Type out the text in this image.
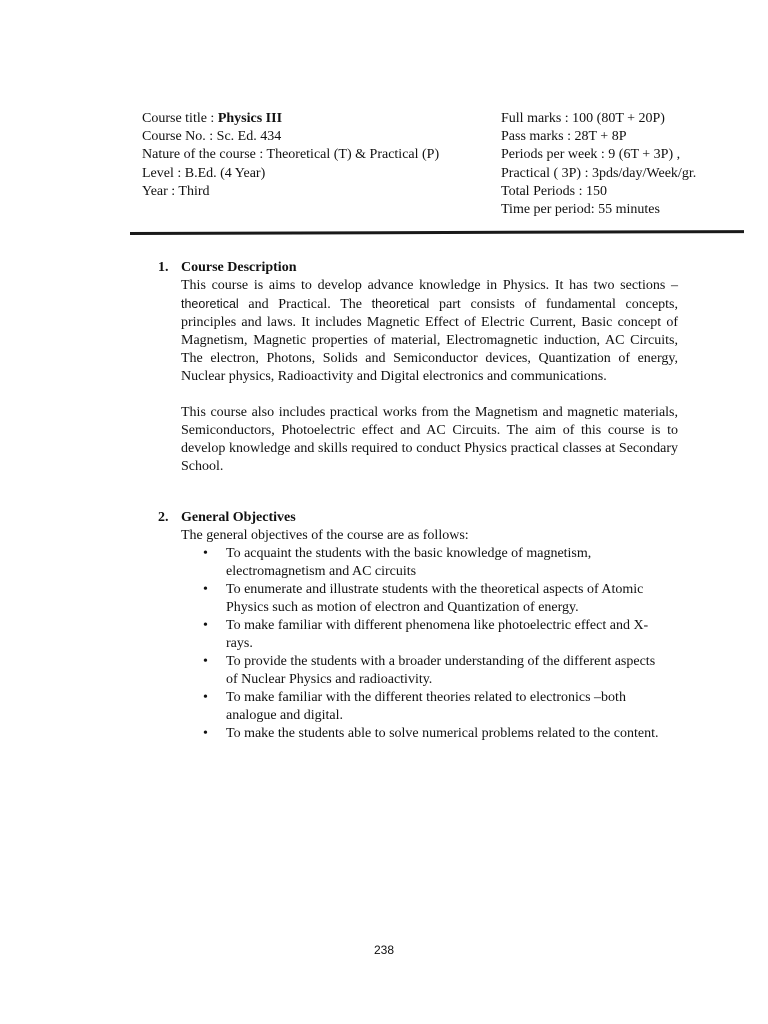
Course title : Physics III
Course No. : Sc. Ed. 434
Nature of the course : Theoretical (T) & Practical (P)
Level : B.Ed. (4 Year)
Year : Third
Full marks : 100 (80T + 20P)
Pass marks : 28T + 8P
Periods per week : 9 (6T + 3P) ,
Practical ( 3P) : 3pds/day/Week/gr.
Total Periods : 150
Time per period: 55 minutes
1. Course Description

This course is aims to develop advance knowledge in Physics. It has two sections – theoretical and Practical. The theoretical part consists of fundamental concepts, principles and laws. It includes Magnetic Effect of Electric Current, Basic concept of Magnetism, Magnetic properties of material, Electromagnetic induction, AC Circuits, The electron, Photons, Solids and Semiconductor devices, Quantization of energy, Nuclear physics, Radioactivity and Digital electronics and communications.

This course also includes practical works from the Magnetism and magnetic materials, Semiconductors, Photoelectric effect and AC Circuits. The aim of this course is to develop knowledge and skills required to conduct Physics practical classes at Secondary School.

2. General Objectives
The general objectives of the course are as follows:
• To acquaint the students with the basic knowledge of magnetism, electromagnetism and AC circuits
• To enumerate and illustrate students with the theoretical aspects of Atomic Physics such as motion of electron and Quantization of energy.
• To make familiar with different phenomena like photoelectric effect and X- rays.
• To provide the students with a broader understanding of the different aspects of Nuclear Physics and radioactivity.
• To make familiar with the different theories related to electronics –both analogue and digital.
• To make the students able to solve numerical problems related to the content.
238
